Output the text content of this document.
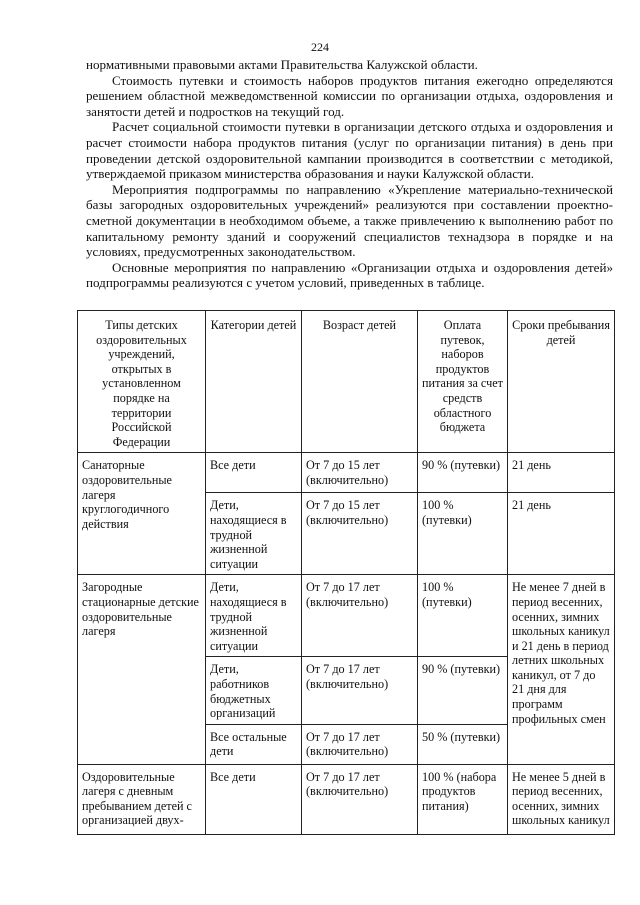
224

нормативными правовыми актами Правительства Калужской области.

Стоимость путевки и стоимость наборов продуктов питания ежегодно определяются решением областной межведомственной комиссии по организации отдыха, оздоровления и занятости детей и подростков на текущий год.

Расчет социальной стоимости путевки в организации детского отдыха и оздоровления и расчет стоимости набора продуктов питания (услуг по организации питания) в день при проведении детской оздоровительной кампании производится в соответствии с методикой, утверждаемой приказом министерства образования и науки Калужской области.

Мероприятия подпрограммы по направлению «Укрепление материально-технической базы загородных оздоровительных учреждений» реализуются при составлении проектно-сметной документации в необходимом объеме, а также привлечению к выполнению работ по капитальному ремонту зданий и сооружений специалистов технадзора в порядке и на условиях, предусмотренных законодательством.

Основные мероприятия по направлению «Организации отдыха и оздоровления детей» подпрограммы реализуются с учетом условий, приведенных в таблице.

Типы детских оздоровительных учреждений, открытых в установленном порядке на территории Российской Федерации	Категории детей	Возраст детей	Оплата путевок, наборов продуктов питания за счет средств областного бюджета	Сроки пребывания детей
Санаторные оздоровительные лагеря круглогодичного действия	Все дети	От 7 до 15 лет (включительно)	90 % (путевки)	21 день
	Дети, находящиеся в трудной жизненной ситуации	От 7 до 15 лет (включительно)	100 % (путевки)	21 день
Загородные стационарные детские оздоровительные лагеря	Дети, находящиеся в трудной жизненной ситуации	От 7 до 17 лет (включительно)	100 % (путевки)	Не менее 7 дней в период весенних, осенних, зимних школьных каникул и 21 день в период летних школьных каникул, от 7 до 21 дня для программ профильных смен
	Дети, работников бюджетных организаций	От 7 до 17 лет (включительно)	90 % (путевки)	
	Все остальные дети	От 7 до 17 лет (включительно)	50 % (путевки)	
Оздоровительные лагеря с дневным пребыванием детей с организацией двух-	Все дети	От 7 до 17 лет (включительно)	100 % (набора продуктов питания)	Не менее 5 дней в период весенних, осенних, зимних школьных каникул
